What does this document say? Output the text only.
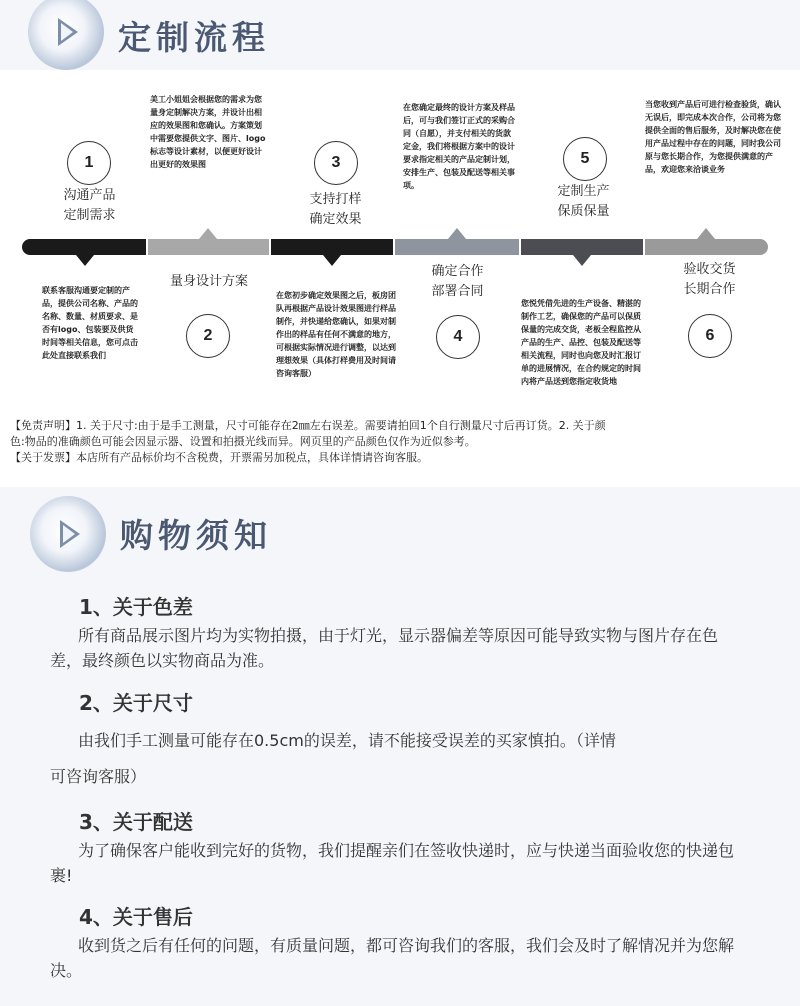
定制流程
1
沟通产品
定制需求
3
支持打样
确定效果
5
定制生产
保质保量
美工小姐姐会根据您的需求为您量身定制解决方案，并设计出相应的效果图和您确认。方案策划中需要您提供文字、图片、logo标志等设计素材，以便更好设计出更好的效果图
在您确定最终的设计方案及样品后，可与我们签订正式的采购合同（自愿），并支付相关的货款定金，我们将根据方案中的设计要求指定相关的产品定制计划，安排生产、包装及配送等相关事项。
当您收到产品后可进行检查验货，确认无误后，即完成本次合作，公司将为您提供全面的售后服务，及时解决您在使用产品过程中存在的问题，同时我公司原与您长期合作，为您提供满意的产品，欢迎您来洽谈业务
量身设计方案
2
确定合作
部署合同
4
验收交货
长期合作
6
联系客服沟通要定制的产品，提供公司名称、产品的名称、数量、材质要求、是否有logo、包装要及供货时间等相关信息，您可点击此处直接联系我们
在您初步确定效果图之后，板房团队再根据产品设计效果图进行样品制作，并快递给您确认，如果对制作出的样品有任何不满意的地方，可根据实际情况进行调整，以达到理想效果（具体打样费用及时间请咨询客服）
您悦凭借先进的生产设备、精湛的制作工艺，确保您的产品可以保质保量的完成交货，老板全程监控从产品的生产、品控、包装及配送等相关流程，同时也向您及时汇报订单的进展情况，在合约规定的时间内将产品送到您指定收货地

【免责声明】1. 关于尺寸:由于是手工测量，尺寸可能存在2㎜左右误差。需要请拍回1个自行测量尺寸后再订货。2. 关于颜

色:物品的准确颜色可能会因显示器、设置和拍摄光线而异。网页里的产品颜色仅作为近似参考。

【关于发票】本店所有产品标价均不含税费，开票需另加税点，具体详情请咨询客服。

购物须知
1、关于色差
所有商品展示图片均为实物拍摄，由于灯光，显示器偏差等原因可能导致实物与图片存在色差，最终颜色以实物商品为准。
2、关于尺寸
由我们手工测量可能存在0.5cm的误差，请不能接受误差的买家慎拍。（详情
可咨询客服）
3、关于配送
为了确保客户能收到完好的货物，我们提醒亲们在签收快递时，应与快递当面验收您的快递包裹!
4、关于售后
收到货之后有任何的问题，有质量问题，都可咨询我们的客服，我们会及时了解情况并为您解决。
